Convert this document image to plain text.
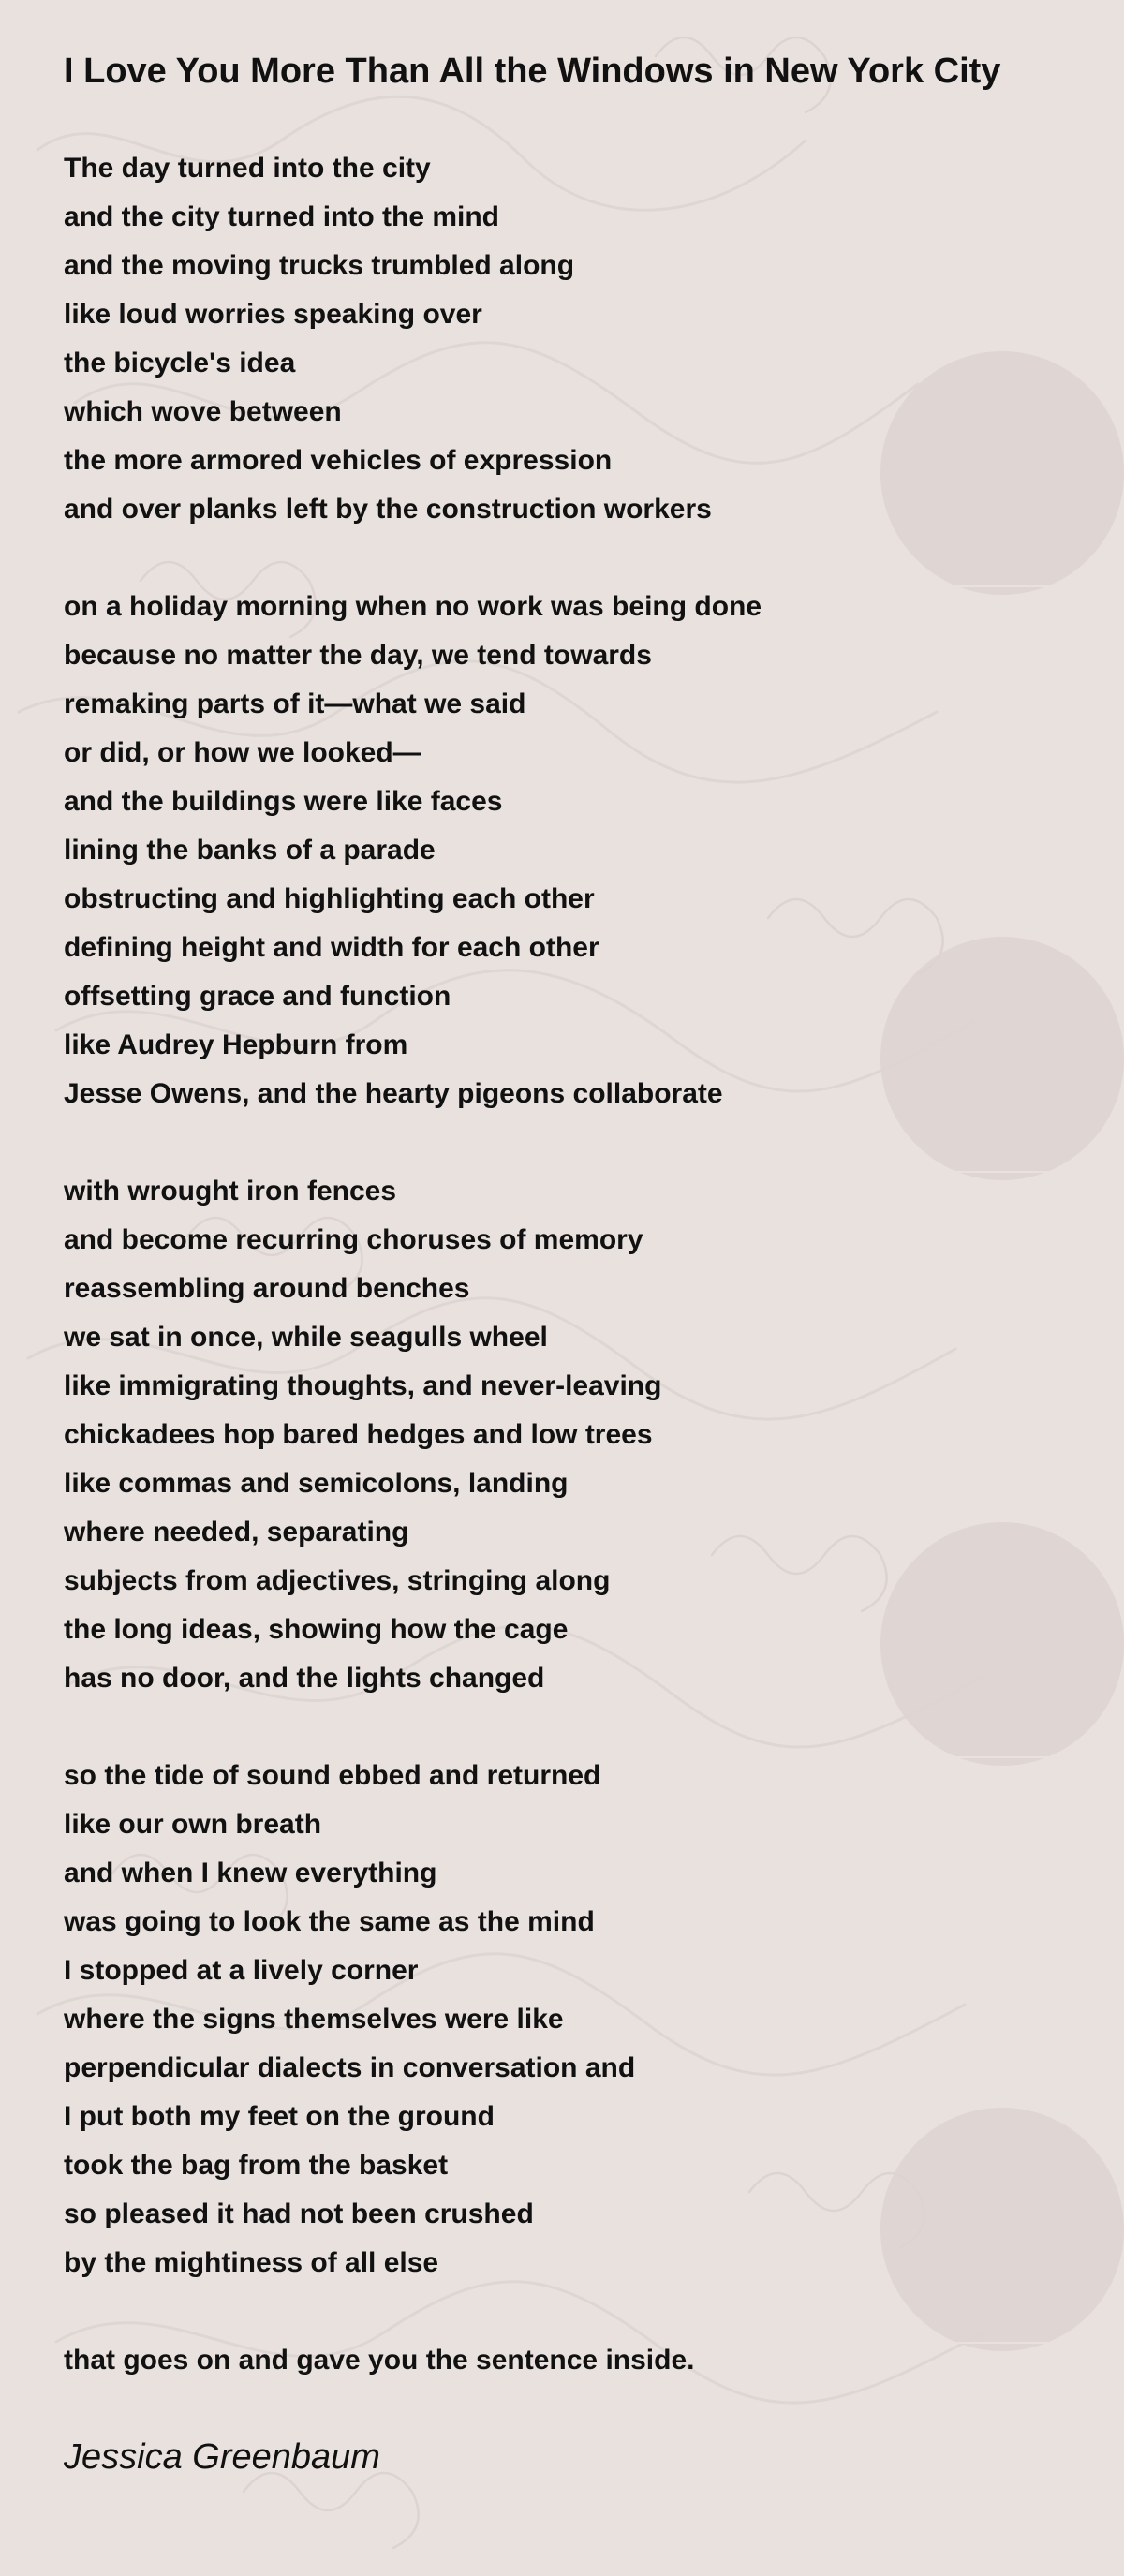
I Love You More Than All the Windows in New York City
The day turned into the city
and the city turned into the mind
and the moving trucks trumbled along
like loud worries speaking over
the bicycle's idea
which wove between
the more armored vehicles of expression
and over planks left by the construction workers
on a holiday morning when no work was being done
because no matter the day, we tend towards
remaking parts of it—what we said
or did, or how we looked—
and the buildings were like faces
lining the banks of a parade
obstructing and highlighting each other
defining height and width for each other
offsetting grace and function
like Audrey Hepburn from
Jesse Owens, and the hearty pigeons collaborate
with wrought iron fences
and become recurring choruses of memory
reassembling around benches
we sat in once, while seagulls wheel
like immigrating thoughts, and never-leaving
chickadees hop bared hedges and low trees
like commas and semicolons, landing
where needed, separating
subjects from adjectives, stringing along
the long ideas, showing how the cage
has no door, and the lights changed
so the tide of sound ebbed and returned
like our own breath
and when I knew everything
was going to look the same as the mind
I stopped at a lively corner
where the signs themselves were like
perpendicular dialects in conversation and
I put both my feet on the ground
took the bag from the basket
so pleased it had not been crushed
by the mightiness of all else
that goes on and gave you the sentence inside.
Jessica Greenbaum
